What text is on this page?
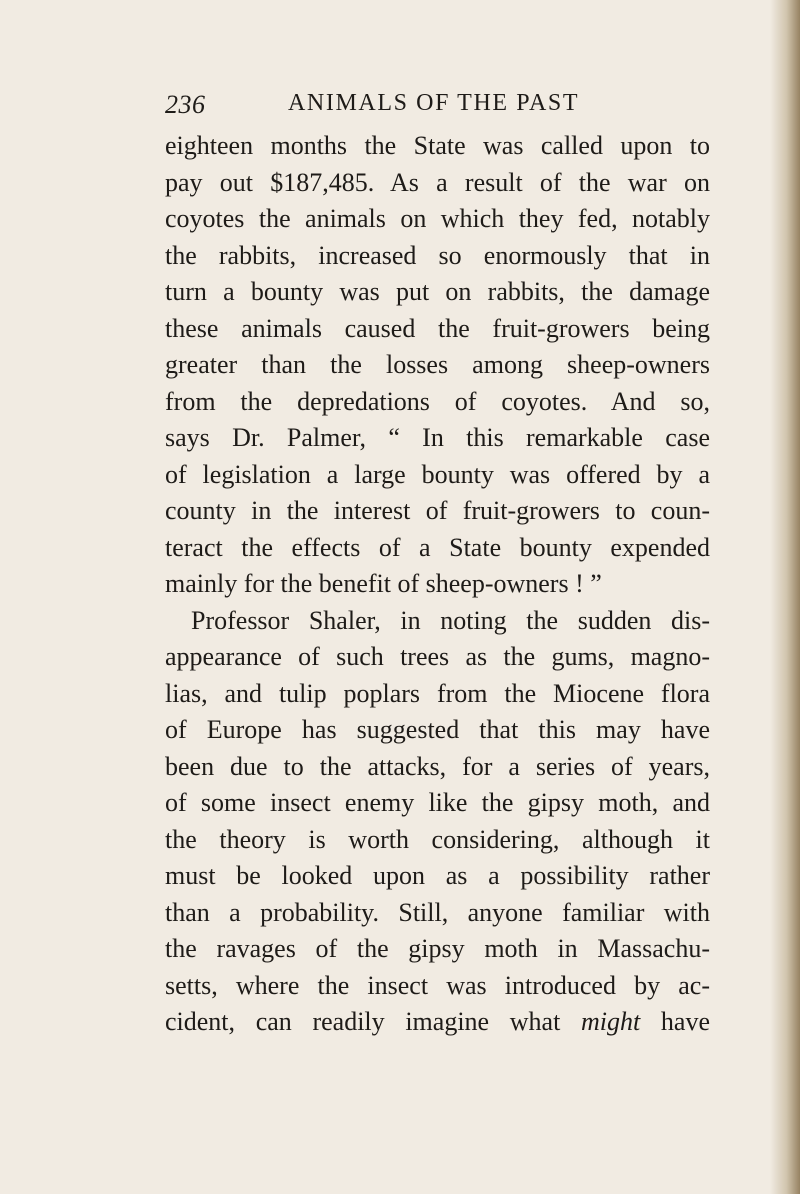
236	ANIMALS OF THE PAST
eighteen months the State was called upon to
pay out $187,485. As a result of the war on
coyotes the animals on which they fed, notably
the rabbits, increased so enormously that in
turn a bounty was put on rabbits, the damage
these animals caused the fruit-growers being
greater than the losses among sheep-owners
from the depredations of coyotes. And so,
says Dr. Palmer, “ In this remarkable case
of legislation a large bounty was offered by a
county in the interest of fruit-growers to coun-
teract the effects of a State bounty expended
mainly for the benefit of sheep-owners ! ”
Professor Shaler, in noting the sudden dis-
appearance of such trees as the gums, magno-
lias, and tulip poplars from the Miocene flora
of Europe has suggested that this may have
been due to the attacks, for a series of years,
of some insect enemy like the gipsy moth, and
the theory is worth considering, although it
must be looked upon as a possibility rather
than a probability. Still, anyone familiar with
the ravages of the gipsy moth in Massachu-
setts, where the insect was introduced by ac-
cident, can readily imagine what might have
